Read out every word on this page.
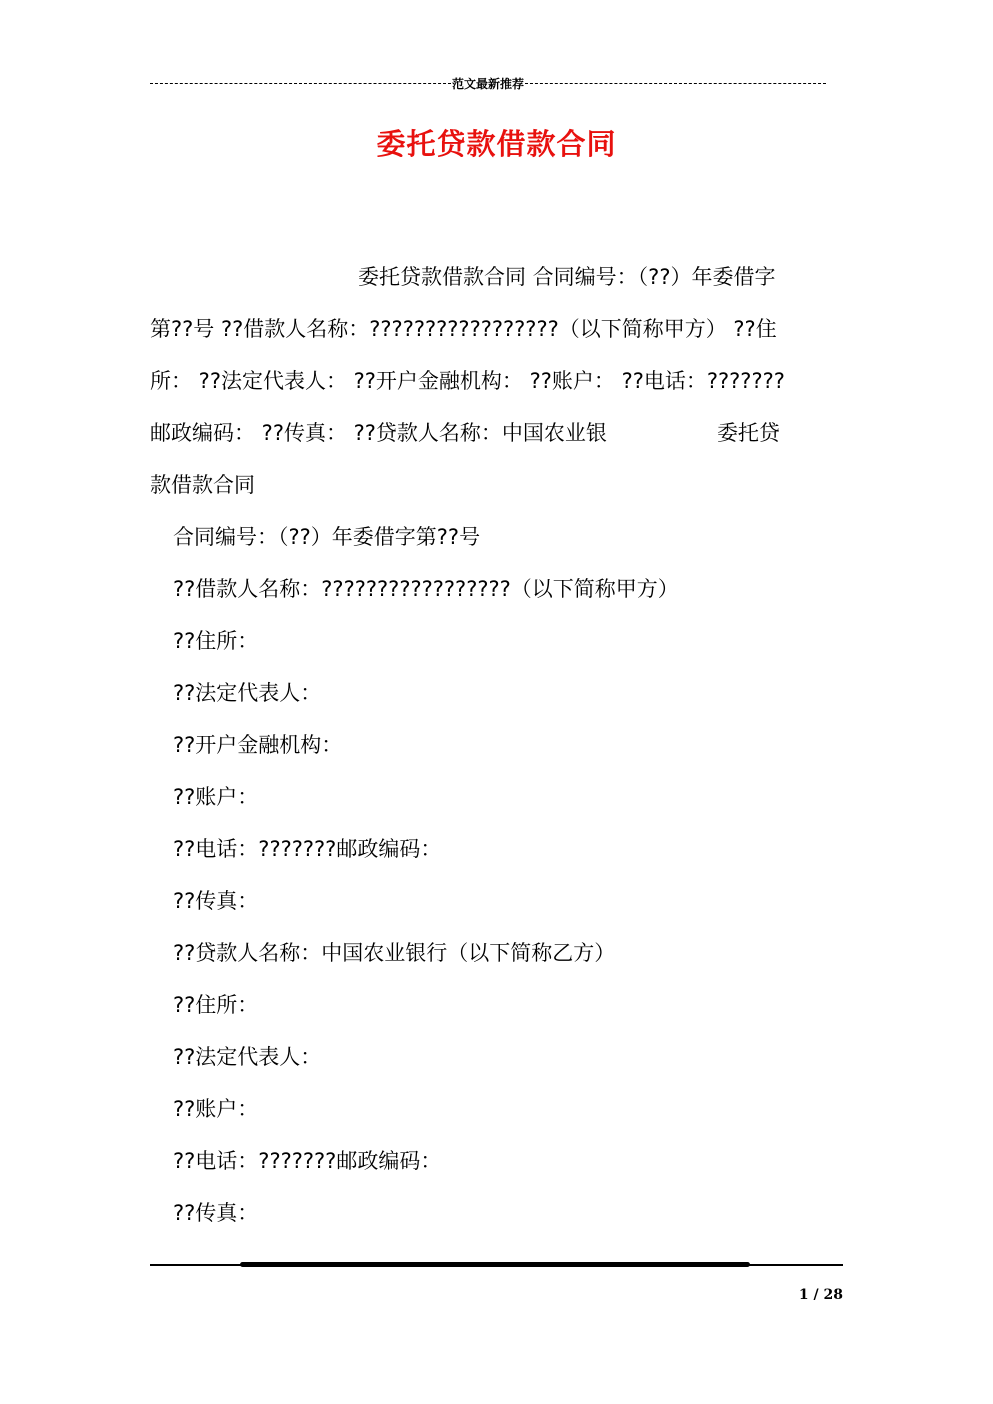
范文最新推荐
委托贷款借款合同
委托贷款借款合同 合同编号：（??）年委借字
第??号 ??借款人名称：?????????????????（以下简称甲方） ??住
所： ??法定代表人： ??开户金融机构： ??账户： ??电话：???????
邮政编码： ??传真： ??贷款人名称：中国农业银	委托贷
款借款合同
合同编号：（??）年委借字第??号
??借款人名称：?????????????????（以下简称甲方）
??住所：
??法定代表人：
??开户金融机构：
??账户：
??电话：???????邮政编码：
??传真：
??贷款人名称：中国农业银行（以下简称乙方）
??住所：
??法定代表人：
??账户：
??电话：???????邮政编码：
??传真：
1 / 28
